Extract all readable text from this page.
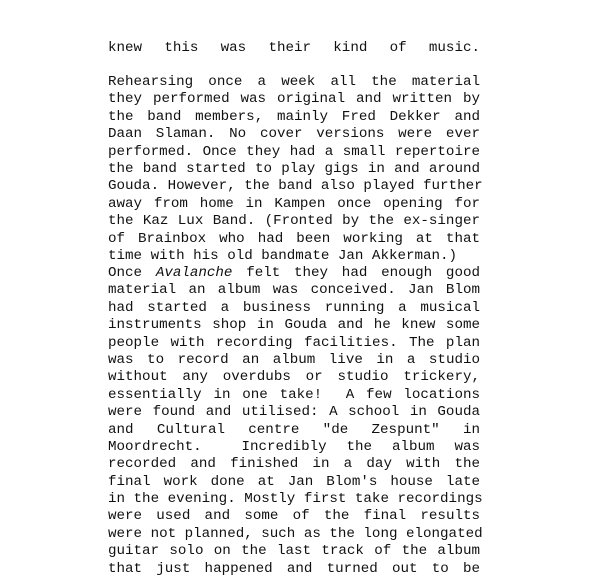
knew this was their kind of music.
Rehearsing once a week all the material
they performed was original and written by
the band members, mainly Fred Dekker and
Daan Slaman. No cover versions were ever
performed. Once they had a small repertoire
the band started to play gigs in and around
Gouda. However, the band also played further
away from home in Kampen once opening for
the Kaz Lux Band. (Fronted by the ex-singer
of Brainbox who had been working at that
time with his old bandmate Jan Akkerman.)
Once Avalanche felt they had enough good
material an album was conceived. Jan Blom
had started a business running a musical
instruments shop in Gouda and he knew some
people with recording facilities. The plan
was to record an album live in a studio
without any overdubs or studio trickery,
essentially in one take!  A few locations
were found and utilised: A school in Gouda
and Cultural centre "de Zespunt" in
Moordrecht.  Incredibly the album was
recorded and finished in a day with the
final work done at Jan Blom's house late
in the evening. Mostly first take recordings
were used and some of the final results
were not planned, such as the long elongated
guitar solo on the last track of the album
that just happened and turned out to be
